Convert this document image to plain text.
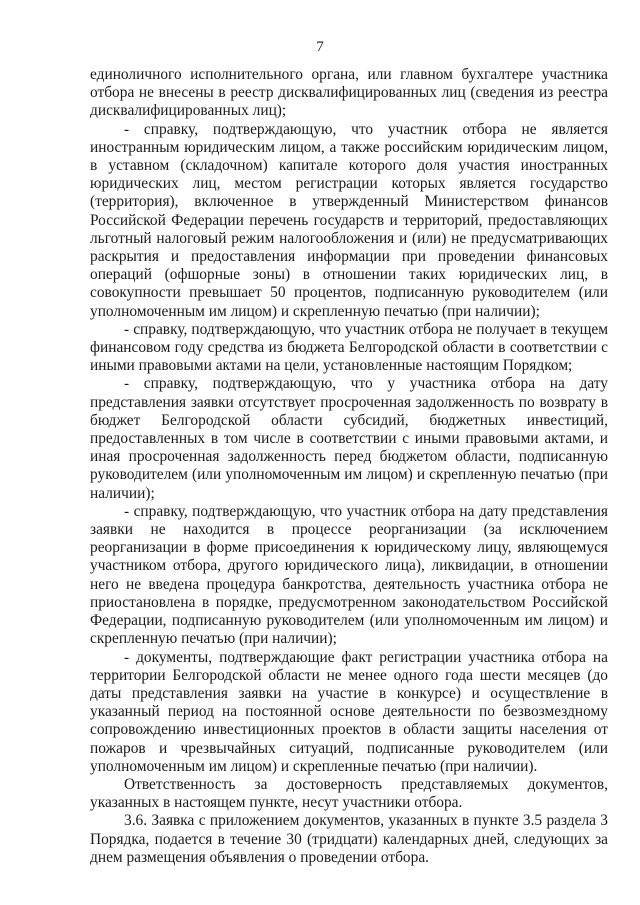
7

единоличного исполнительного органа, или главном бухгалтере участника отбора не внесены в реестр дисквалифицированных лиц (сведения из реестра дисквалифицированных лиц);

- справку, подтверждающую, что участник отбора не является иностранным юридическим лицом, а также российским юридическим лицом, в уставном (складочном) капитале которого доля участия иностранных юридических лиц, местом регистрации которых является государство (территория), включенное в утвержденный Министерством финансов Российской Федерации перечень государств и территорий, предоставляющих льготный налоговый режим налогообложения и (или) не предусматривающих раскрытия и предоставления информации при проведении финансовых операций (офшорные зоны) в отношении таких юридических лиц, в совокупности превышает 50 процентов, подписанную руководителем (или уполномоченным им лицом) и скрепленную печатью (при наличии);

- справку, подтверждающую, что участник отбора не получает в текущем финансовом году средства из бюджета Белгородской области в соответствии с иными правовыми актами на цели, установленные настоящим Порядком;

- справку, подтверждающую, что у участника отбора на дату представления заявки отсутствует просроченная задолженность по возврату в бюджет Белгородской области субсидий, бюджетных инвестиций, предоставленных в том числе в соответствии с иными правовыми актами, и иная просроченная задолженность перед бюджетом области, подписанную руководителем (или уполномоченным им лицом) и скрепленную печатью (при наличии);

- справку, подтверждающую, что участник отбора на дату представления заявки не находится в процессе реорганизации (за исключением реорганизации в форме присоединения к юридическому лицу, являющемуся участником отбора, другого юридического лица), ликвидации, в отношении него не введена процедура банкротства, деятельность участника отбора не приостановлена в порядке, предусмотренном законодательством Российской Федерации, подписанную руководителем (или уполномоченным им лицом) и скрепленную печатью (при наличии);

- документы, подтверждающие факт регистрации участника отбора на территории Белгородской области не менее одного года шести месяцев (до даты представления заявки на участие в конкурсе) и осуществление в указанный период на постоянной основе деятельности по безвозмездному сопровождению инвестиционных проектов в области защиты населения от пожаров и чрезвычайных ситуаций, подписанные руководителем (или уполномоченным им лицом) и скрепленные печатью (при наличии).

Ответственность за достоверность представляемых документов, указанных в настоящем пункте, несут участники отбора.

3.6. Заявка с приложением документов, указанных в пункте 3.5 раздела 3 Порядка, подается в течение 30 (тридцати) календарных дней, следующих за днем размещения объявления о проведении отбора.
